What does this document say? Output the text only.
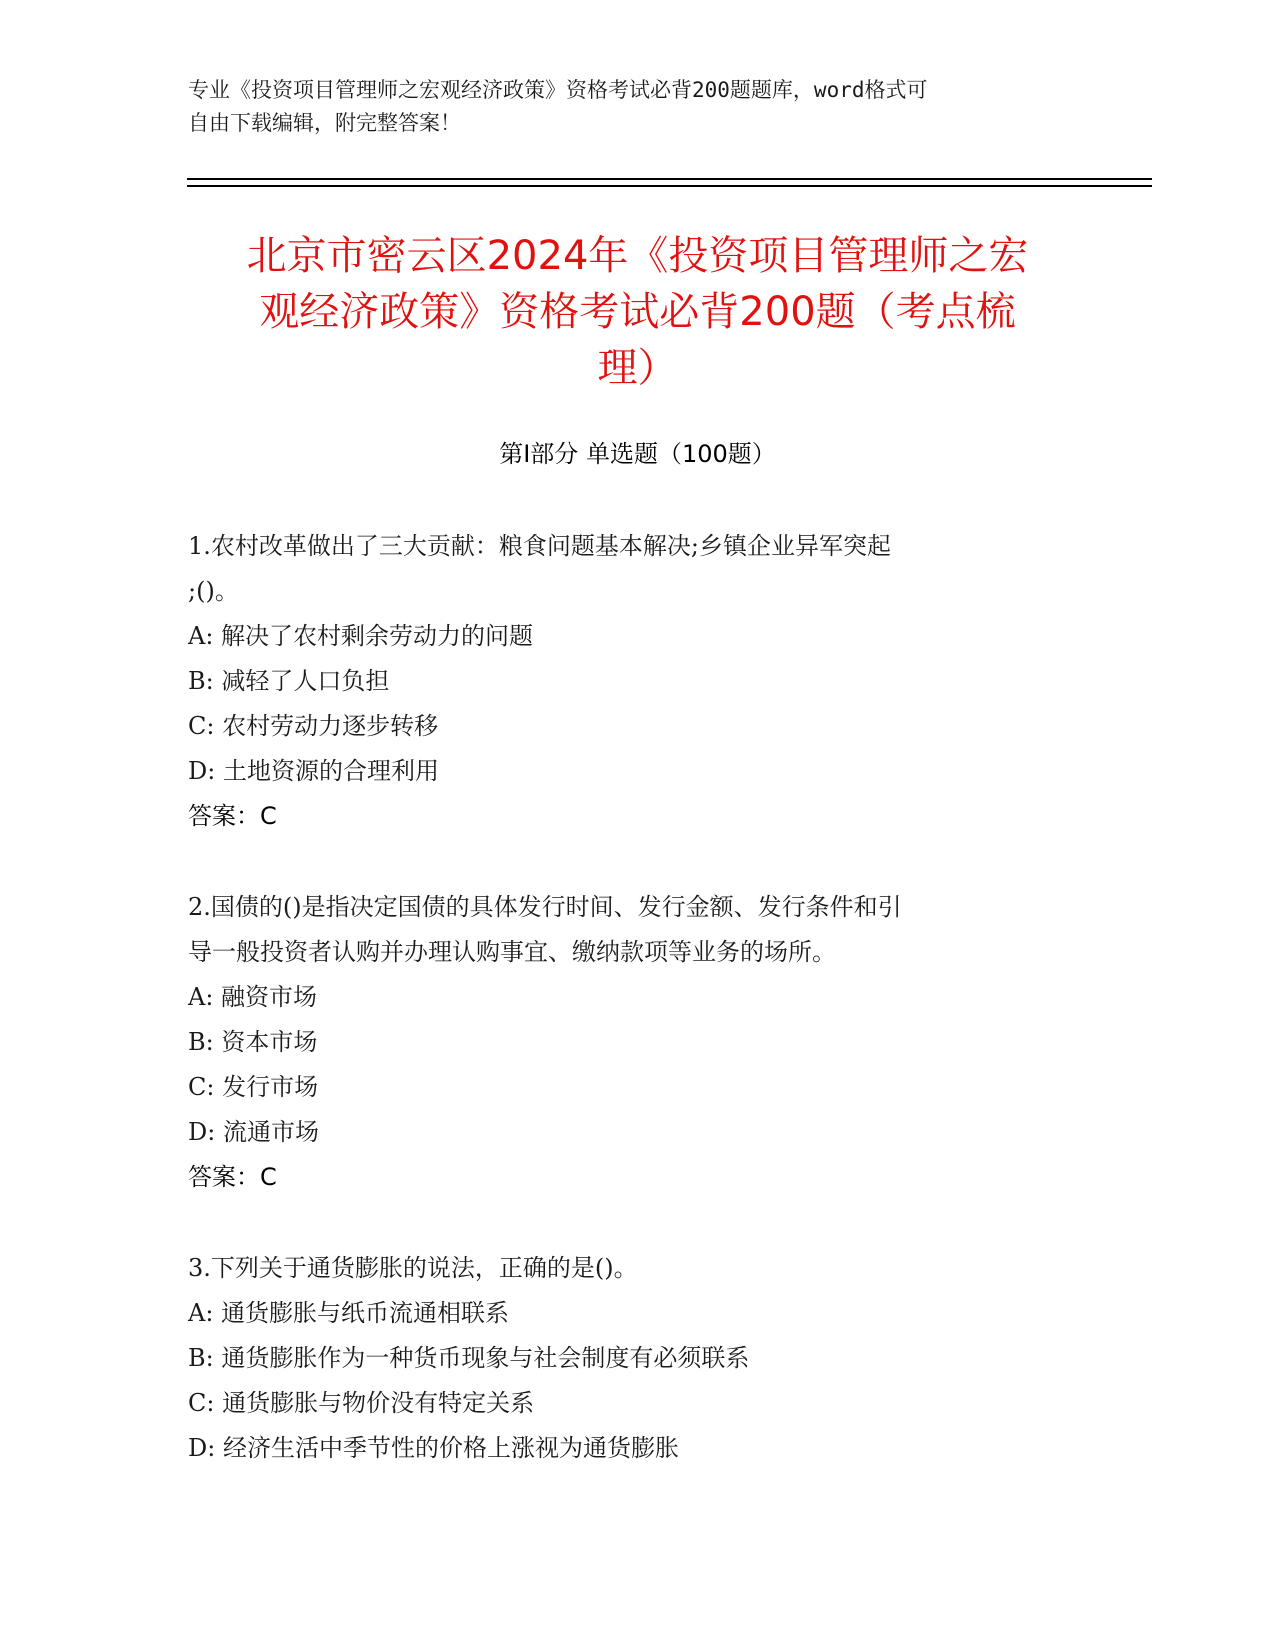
专业《投资项目管理师之宏观经济政策》资格考试必背200题题库，word格式可
自由下载编辑，附完整答案！
北京市密云区2024年《投资项目管理师之宏
观经济政策》资格考试必背200题（考点梳
理）
第I部分 单选题（100题）
1.农村改革做出了三大贡献：粮食问题基本解决;乡镇企业异军突起
;()。
A: 解决了农村剩余劳动力的问题
B: 减轻了人口负担
C: 农村劳动力逐步转移
D: 土地资源的合理利用
答案：C
2.国债的()是指决定国债的具体发行时间、发行金额、发行条件和引
导一般投资者认购并办理认购事宜、缴纳款项等业务的场所。
A: 融资市场
B: 资本市场
C: 发行市场
D: 流通市场
答案：C
3.下列关于通货膨胀的说法，正确的是()。
A: 通货膨胀与纸币流通相联系
B: 通货膨胀作为一种货币现象与社会制度有必须联系
C: 通货膨胀与物价没有特定关系
D: 经济生活中季节性的价格上涨视为通货膨胀
